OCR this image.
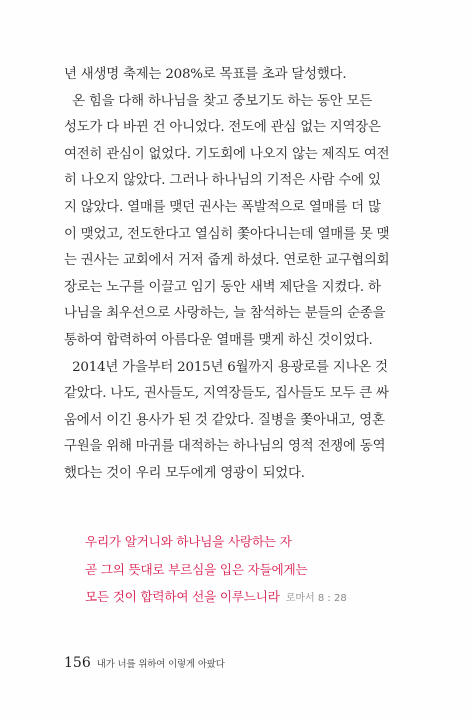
년 새생명 축제는 208%로 목표를 초과 달성했다.
온 힘을 다해 하나님을 찾고 중보기도 하는 동안 모든
성도가 다 바뀐 건 아니었다. 전도에 관심 없는 지역장은
여전히 관심이 없었다. 기도회에 나오지 않는 제직도 여전
히 나오지 않았다. 그러나 하나님의 기적은 사람 수에 있
지 않았다. 열매를 맺던 권사는 폭발적으로 열매를 더 많
이 맺었고, 전도한다고 열심히 쫓아다니는데 열매를 못 맺
는 권사는 교회에서 거저 줍게 하셨다. 연로한 교구협의회
장로는 노구를 이끌고 임기 동안 새벽 제단을 지켰다. 하
나님을 최우선으로 사랑하는, 늘 참석하는 분들의 순종을
통하여 합력하여 아름다운 열매를 맺게 하신 것이었다.
2014년 가을부터 2015년 6월까지 용광로를 지나온 것
같았다. 나도, 권사들도, 지역장들도, 집사들도 모두 큰 싸
움에서 이긴 용사가 된 것 같았다. 질병을 쫓아내고, 영혼
구원을 위해 마귀를 대적하는 하나님의 영적 전쟁에 동역
했다는 것이 우리 모두에게 영광이 되었다.
우리가 알거니와 하나님을 사랑하는 자
곧 그의 뜻대로 부르심을 입은 자들에게는
모든 것이 합력하여 선을 이루느니라 로마서 8 : 28
156 내가 너를 위하여 이렇게 아팠다
